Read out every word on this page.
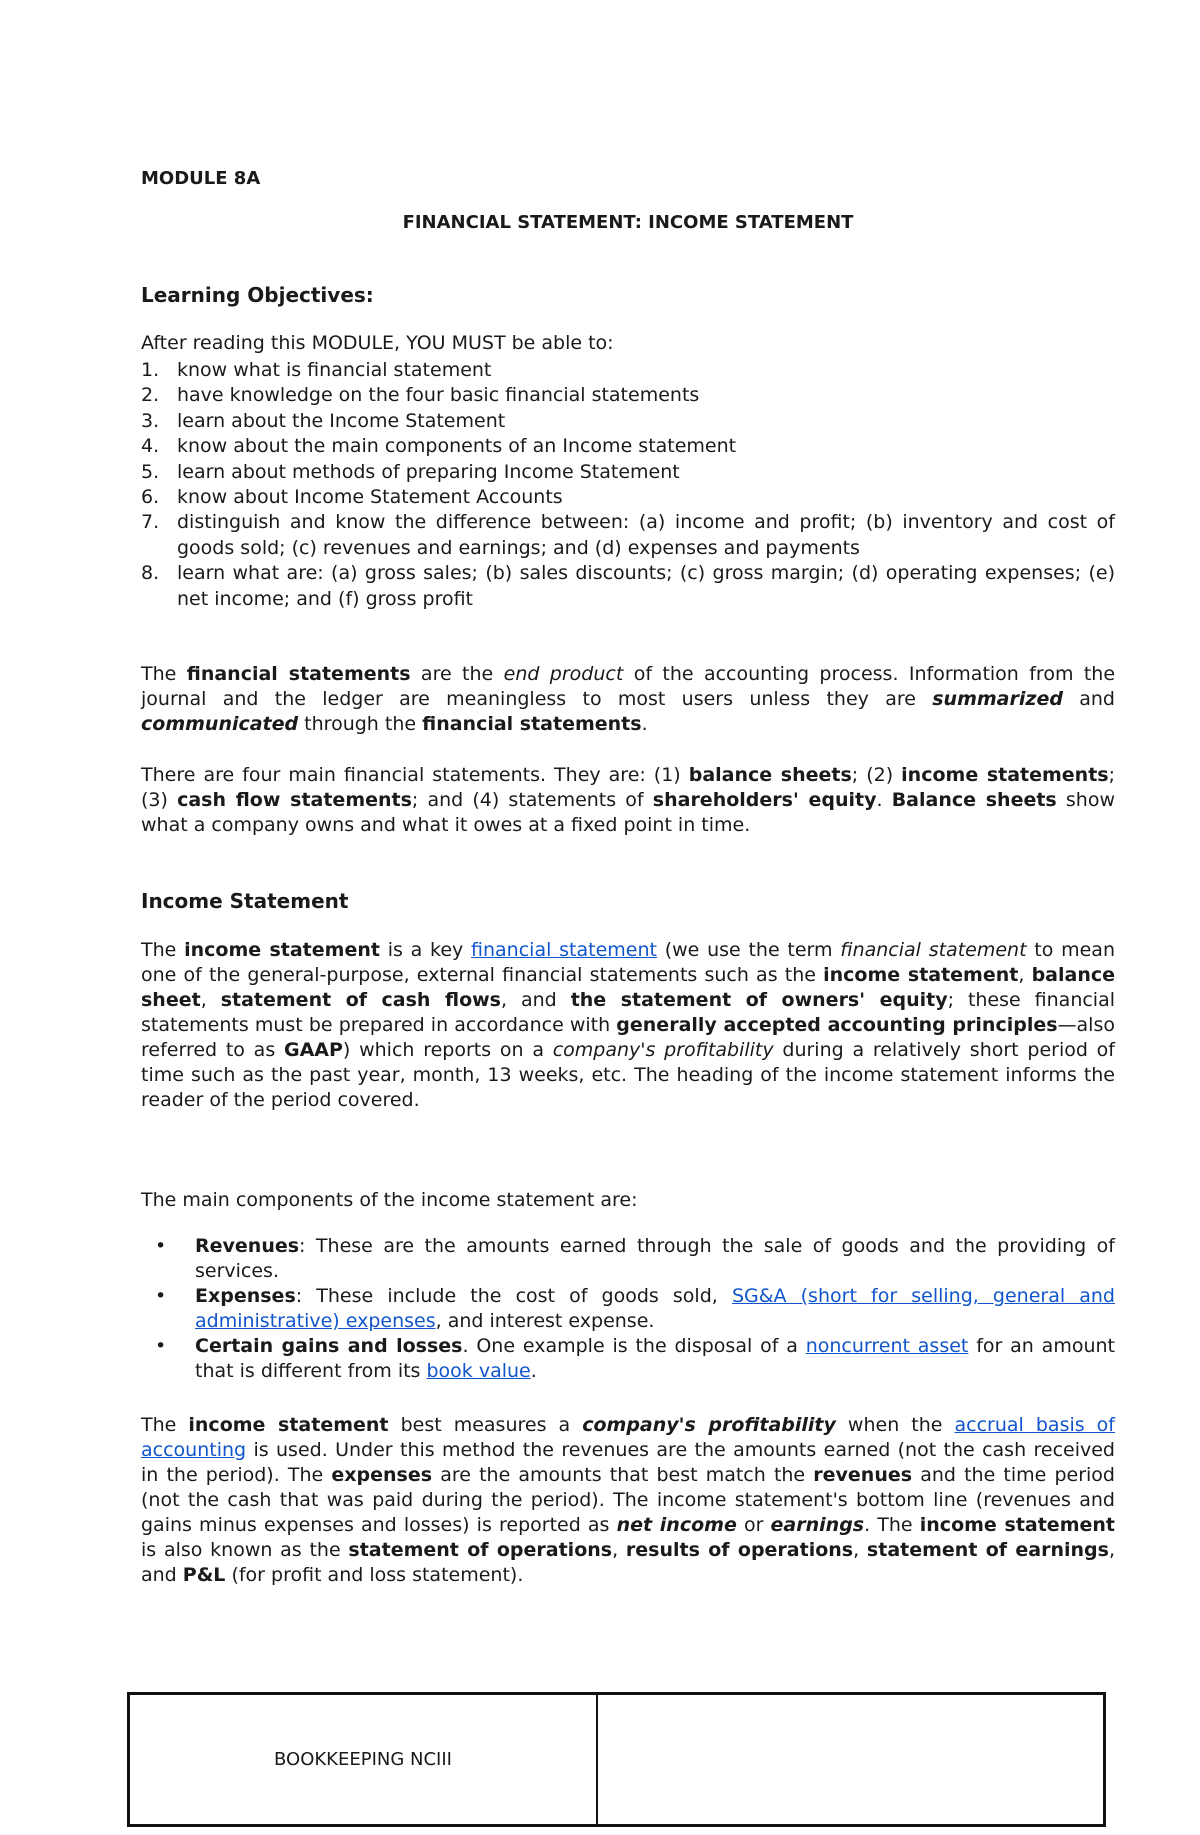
MODULE 8A
FINANCIAL STATEMENT: INCOME STATEMENT
Learning Objectives:
After reading this MODULE, YOU MUST be able to:
1. know what is financial statement
2. have knowledge on the four basic financial statements
3. learn about the Income Statement
4. know about the main components of an Income statement
5. learn about methods of preparing Income Statement
6. know about Income Statement Accounts
7. distinguish and know the difference between: (a) income and profit; (b) inventory and cost of goods sold; (c) revenues and earnings; and (d) expenses and payments
8. learn what are: (a) gross sales; (b) sales discounts; (c) gross margin; (d) operating expenses; (e) net income; and (f) gross profit

The financial statements are the end product of the accounting process. Information from the journal and the ledger are meaningless to most users unless they are summarized and communicated through the financial statements.

There are four main financial statements. They are: (1) balance sheets; (2) income statements; (3) cash flow statements; and (4) statements of shareholders' equity. Balance sheets show what a company owns and what it owes at a fixed point in time.

Income Statement

The income statement is a key financial statement (we use the term financial statement to mean one of the general-purpose, external financial statements such as the income statement, balance sheet, statement of cash flows, and the statement of owners' equity; these financial statements must be prepared in accordance with generally accepted accounting principles—also referred to as GAAP) which reports on a company's profitability during a relatively short period of time such as the past year, month, 13 weeks, etc. The heading of the income statement informs the reader of the period covered.

The main components of the income statement are:
• Revenues: These are the amounts earned through the sale of goods and the providing of services.
• Expenses: These include the cost of goods sold, SG&A (short for selling, general and administrative) expenses, and interest expense.
• Certain gains and losses. One example is the disposal of a noncurrent asset for an amount that is different from its book value.

The income statement best measures a company's profitability when the accrual basis of accounting is used. Under this method the revenues are the amounts earned (not the cash received in the period). The expenses are the amounts that best match the revenues and the time period (not the cash that was paid during the period). The income statement's bottom line (revenues and gains minus expenses and losses) is reported as net income or earnings. The income statement is also known as the statement of operations, results of operations, statement of earnings, and P&L (for profit and loss statement).

BOOKKEEPING NCIII
